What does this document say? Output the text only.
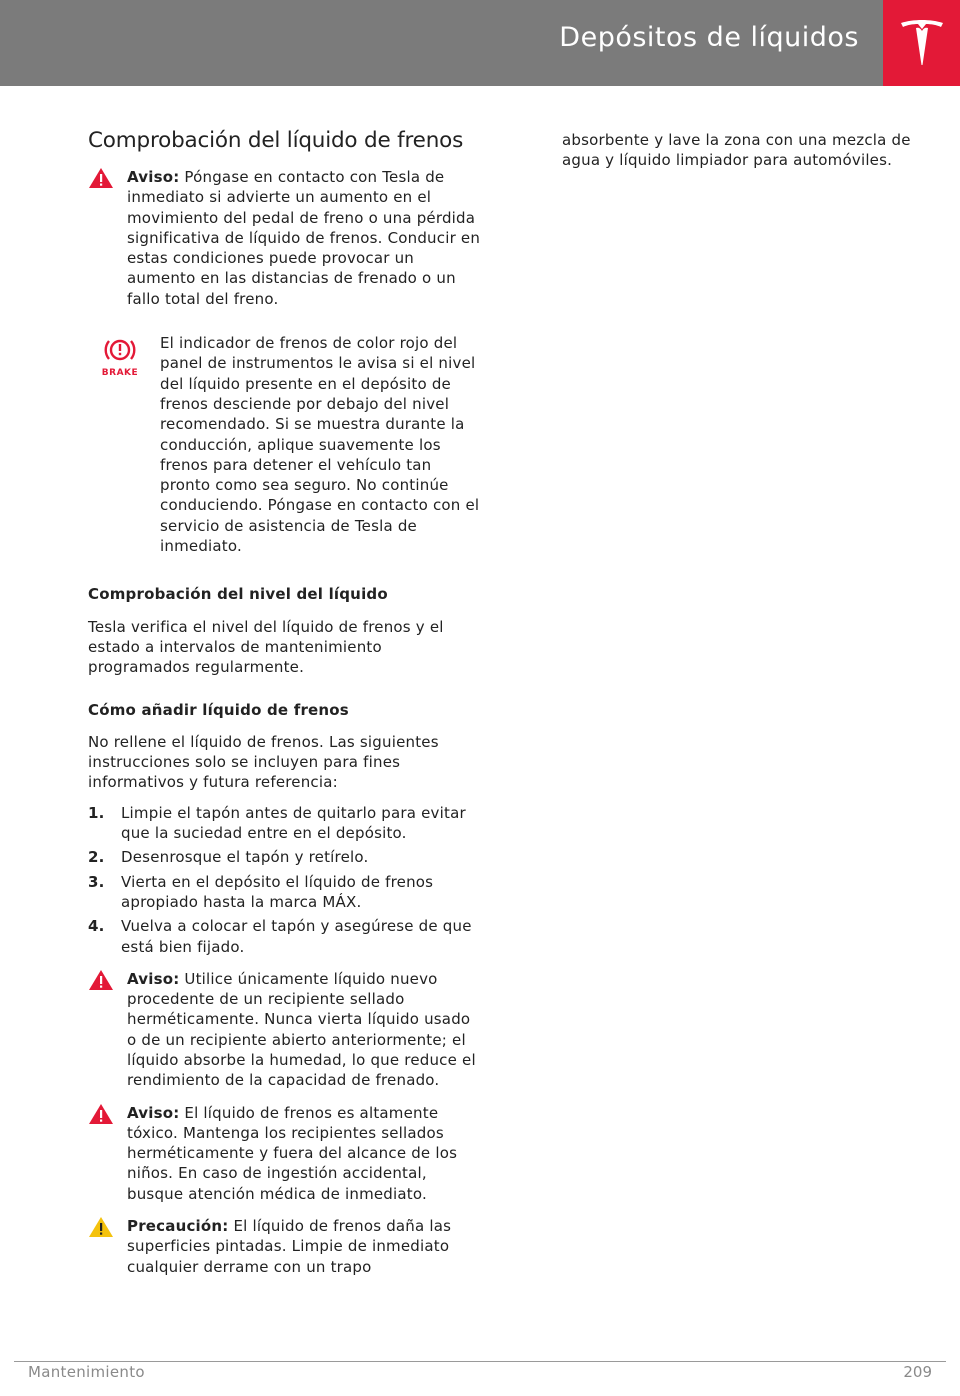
Depósitos de líquidos
Comprobación del líquido de frenos

Aviso: Póngase en contacto con Tesla de inmediato si advierte un aumento en el movimiento del pedal de freno o una pérdida significativa de líquido de frenos. Conducir en estas condiciones puede provocar un aumento en las distancias de frenado o un fallo total del freno.

BRAKE

El indicador de frenos de color rojo del panel de instrumentos le avisa si el nivel del líquido presente en el depósito de frenos desciende por debajo del nivel recomendado. Si se muestra durante la conducción, aplique suavemente los frenos para detener el vehículo tan pronto como sea seguro. No continúe conduciendo. Póngase en contacto con el servicio de asistencia de Tesla de inmediato.

Comprobación del nivel del líquido

Tesla verifica el nivel del líquido de frenos y el estado a intervalos de mantenimiento programados regularmente.

Cómo añadir líquido de frenos

No rellene el líquido de frenos. Las siguientes instrucciones solo se incluyen para fines informativos y futura referencia:

1. Limpie el tapón antes de quitarlo para evitar que la suciedad entre en el depósito.
2. Desenrosque el tapón y retírelo.
3. Vierta en el depósito el líquido de frenos apropiado hasta la marca MÁX.
4. Vuelva a colocar el tapón y asegúrese de que está bien fijado.

Aviso: Utilice únicamente líquido nuevo procedente de un recipiente sellado herméticamente. Nunca vierta líquido usado o de un recipiente abierto anteriormente; el líquido absorbe la humedad, lo que reduce el rendimiento de la capacidad de frenado.

Aviso: El líquido de frenos es altamente tóxico. Mantenga los recipientes sellados herméticamente y fuera del alcance de los niños. En caso de ingestión accidental, busque atención médica de inmediato.

Precaución: El líquido de frenos daña las superficies pintadas. Limpie de inmediato cualquier derrame con un trapo

absorbente y lave la zona con una mezcla de agua y líquido limpiador para automóviles.

Mantenimiento	209
